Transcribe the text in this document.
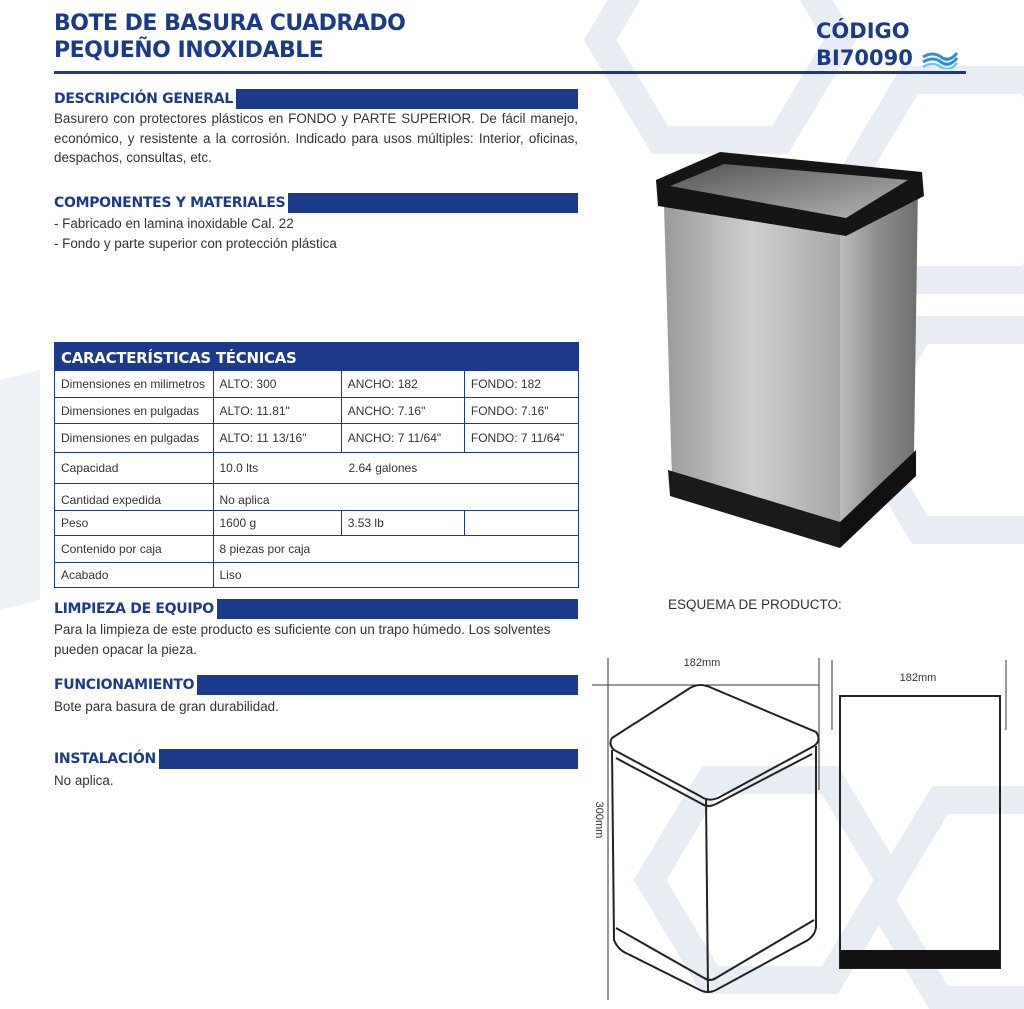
BOTE DE BASURA CUADRADO
PEQUEÑO INOXIDABLE
CÓDIGO
BI70090
DESCRIPCIÓN GENERAL
Basurero con protectores plásticos en FONDO y PARTE SUPERIOR. De fácil manejo, económico, y resistente a la corrosión. Indicado para usos múltiples: Interior, oficinas, despachos, consultas, etc.
COMPONENTES Y MATERIALES
- Fabricado en lamina inoxidable Cal. 22
- Fondo y parte superior con protección plástica
CARACTERÍSTICAS TÉCNICAS
Dimensiones en milimetros	ALTO: 300	ANCHO: 182	FONDO: 182
Dimensiones en pulgadas	ALTO: 11.81"	ANCHO: 7.16"	FONDO: 7.16"
Dimensiones en pulgadas	ALTO: 11 13/16"	ANCHO: 7 11/64"	FONDO: 7 11/64"
Capacidad	10.0 lts 2.64 galones		
Cantidad expedida	No aplica		
Peso	1600 g	3.53 lb	
Contenido por caja	8 piezas por caja		
Acabado	Liso		
LIMPIEZA DE EQUIPO
Para la limpieza de este producto es suficiente con un trapo húmedo. Los solventes pueden opacar la pieza.
FUNCIONAMIENTO
Bote para basura de gran durabilidad.
INSTALACIÓN
No aplica.
ESQUEMA DE PRODUCTO:
182mm
300mm
182mm
